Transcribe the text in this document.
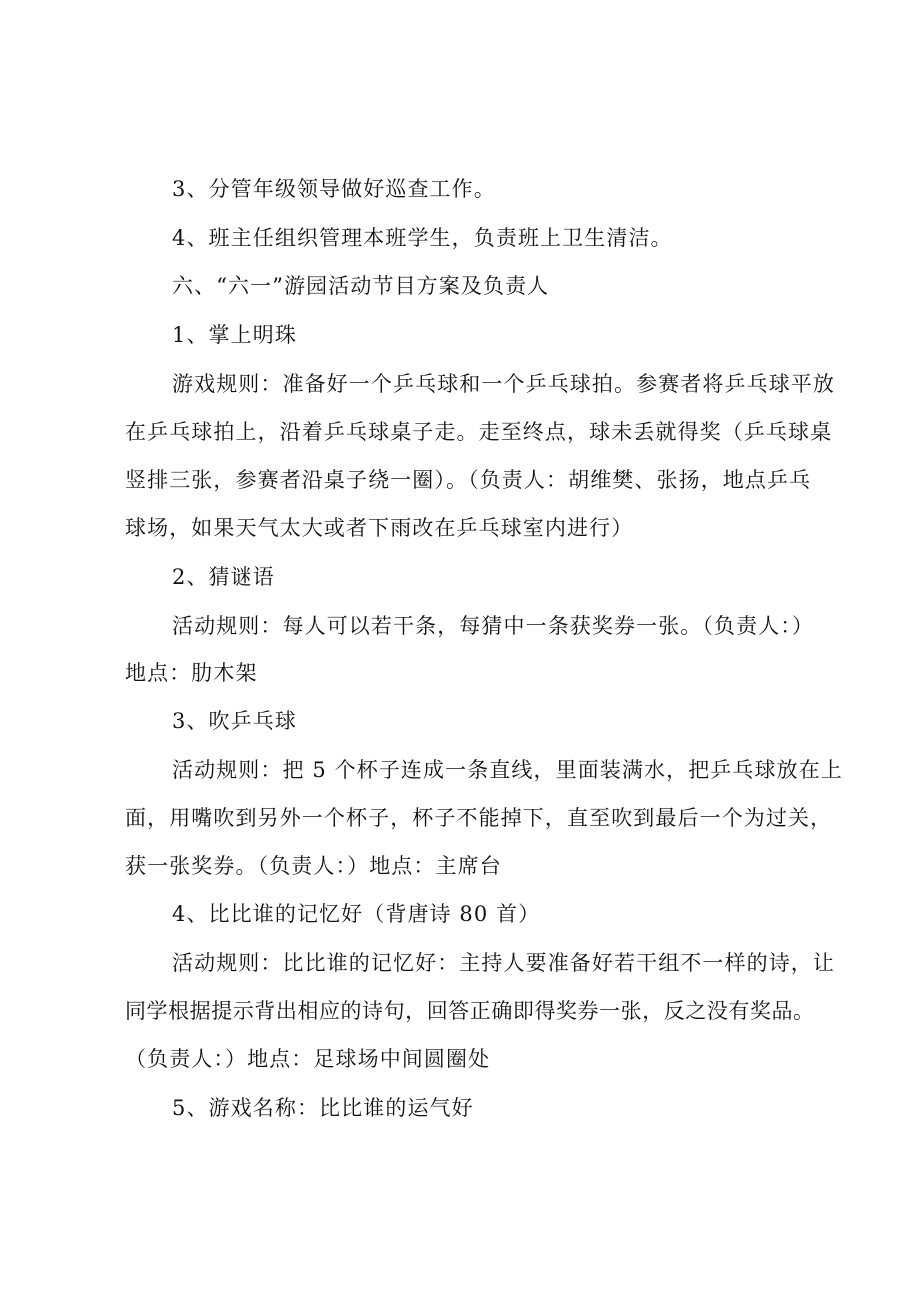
3、分管年级领导做好巡查工作。
4、班主任组织管理本班学生，负责班上卫生清洁。
六、“六一”游园活动节目方案及负责人
1、掌上明珠
游戏规则：准备好一个乒乓球和一个乒乓球拍。参赛者将乒乓球平放
在乒乓球拍上，沿着乒乓球桌子走。走至终点，球未丢就得奖（乒乓球桌
竖排三张，参赛者沿桌子绕一圈）。（负责人：胡维樊、张扬，地点乒乓
球场，如果天气太大或者下雨改在乒乓球室内进行）
2、猜谜语
活动规则：每人可以若干条，每猜中一条获奖券一张。（负责人：）
地点：肋木架
3、吹乒乓球
活动规则：把 5 个杯子连成一条直线，里面装满水，把乒乓球放在上
面，用嘴吹到另外一个杯子，杯子不能掉下，直至吹到最后一个为过关，
获一张奖券。（负责人：）地点：主席台
4、比比谁的记忆好（背唐诗 80 首）
活动规则：比比谁的记忆好：主持人要准备好若干组不一样的诗，让
同学根据提示背出相应的诗句，回答正确即得奖券一张，反之没有奖品。
（负责人：）地点：足球场中间圆圈处
5、游戏名称：比比谁的运气好
